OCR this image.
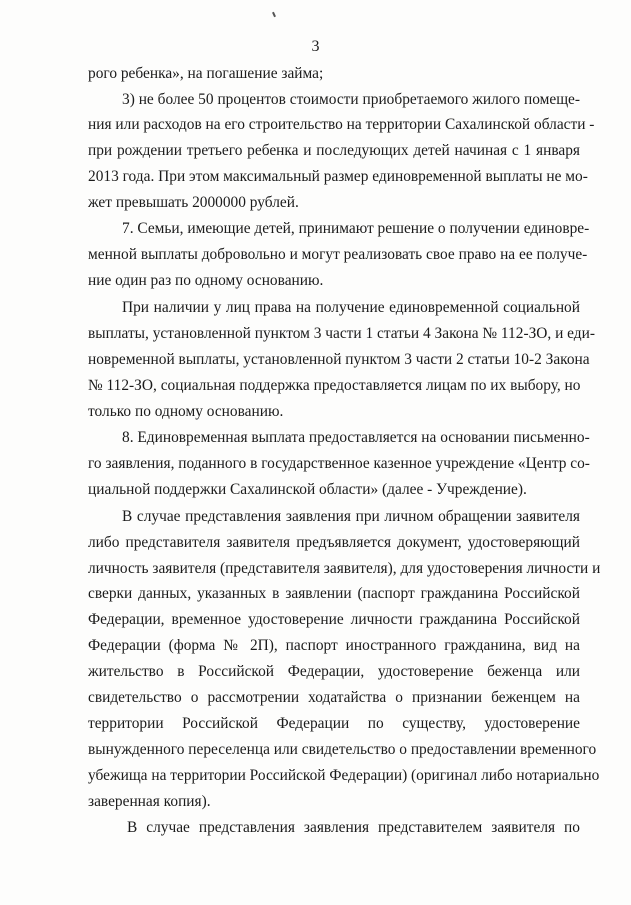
3
рого ребенка», на погашение займа;
3) не более 50 процентов стоимости приобретаемого жилого помеще-
ния или расходов на его строительство на территории Сахалинской области -
при рождении третьего ребенка и последующих детей начиная с 1 января
2013 года. При этом максимальный размер единовременной выплаты не мо-
жет превышать 2000000 рублей.
7. Семьи, имеющие детей, принимают решение о получении единовре-
менной выплаты добровольно и могут реализовать свое право на ее получе-
ние один раз по одному основанию.
При наличии у лиц права на получение единовременной социальной
выплаты, установленной пунктом 3 части 1 статьи 4 Закона № 112-ЗО, и еди-
новременной выплаты, установленной пунктом 3 части 2 статьи 10-2 Закона
№ 112-ЗО, социальная поддержка предоставляется лицам по их выбору, но
только по одному основанию.
8. Единовременная выплата предоставляется на основании письменно-
го заявления, поданного в государственное казенное учреждение «Центр со-
циальной поддержки Сахалинской области» (далее - Учреждение).
В случае представления заявления при личном обращении заявителя
либо представителя заявителя предъявляется документ, удостоверяющий
личность заявителя (представителя заявителя), для удостоверения личности и
сверки данных, указанных в заявлении (паспорт гражданина Российской
Федерации, временное удостоверение личности гражданина Российской
Федерации (форма № 2П), паспорт иностранного гражданина, вид на
жительство в Российской Федерации, удостоверение беженца или
свидетельство о рассмотрении ходатайства о признании беженцем на
территории Российской Федерации по существу, удостоверение
вынужденного переселенца или свидетельство о предоставлении временного
убежища на территории Российской Федерации) (оригинал либо нотариально
заверенная копия).
В случае представления заявления представителем заявителя по
